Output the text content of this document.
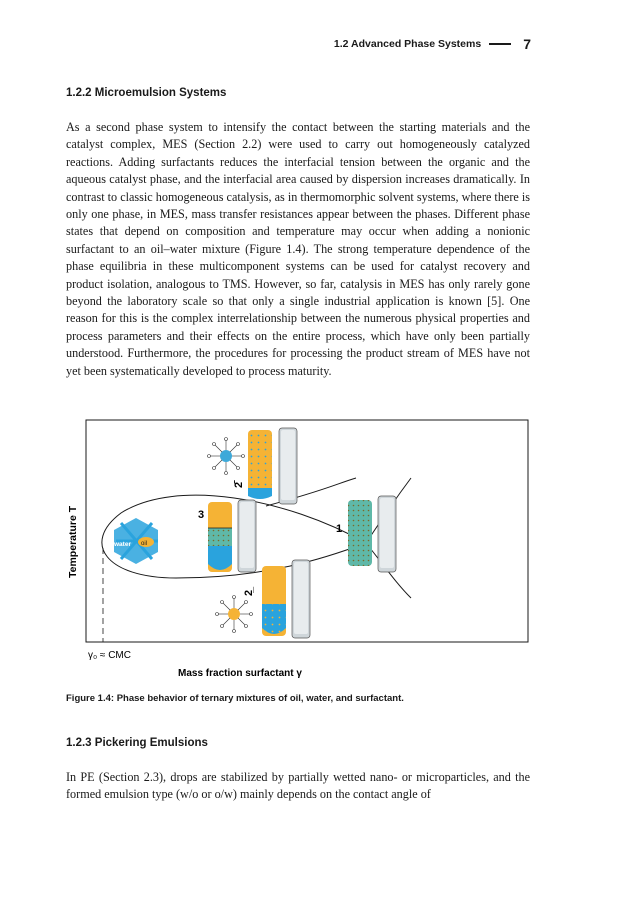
1.2 Advanced Phase Systems	7
1.2.2 Microemulsion Systems

As a second phase system to intensify the contact between the starting materials and the catalyst complex, MES (Section 2.2) were used to carry out homogeneously catalyzed reactions. Adding surfactants reduces the interfacial tension between the organic and the aqueous catalyst phase, and the interfacial area caused by dispersion increases dramatically. In contrast to classic homogeneous catalysis, as in thermomorphic solvent systems, where there is only one phase, in MES, mass transfer resistances appear between the phases. Different phase states that depend on composition and temperature may occur when adding a nonionic surfactant to an oil–water mixture (Figure 1.4). The strong temperature dependence of the phase equilibria in these multicomponent systems can be used for catalyst recovery and product isolation, analogous to TMS. However, so far, catalysis in MES has only rarely gone beyond the laboratory scale so that only a single industrial application is known [5]. One reason for this is the complex interrelationship between the numerous physical properties and process parameters and their effects on the entire process, which have only been partially understood. Furthermore, the procedures for processing the product stream of MES have not yet been systematically developed to process maturity.

2̄
3
water oil
1
2̲
Temperature T
γ₀ ≈ CMC
Mass fraction surfactant γ

Figure 1.4: Phase behavior of ternary mixtures of oil, water, and surfactant.

1.2.3 Pickering Emulsions

In PE (Section 2.3), drops are stabilized by partially wetted nano- or microparticles, and the formed emulsion type (w/o or o/w) mainly depends on the contact angle of
